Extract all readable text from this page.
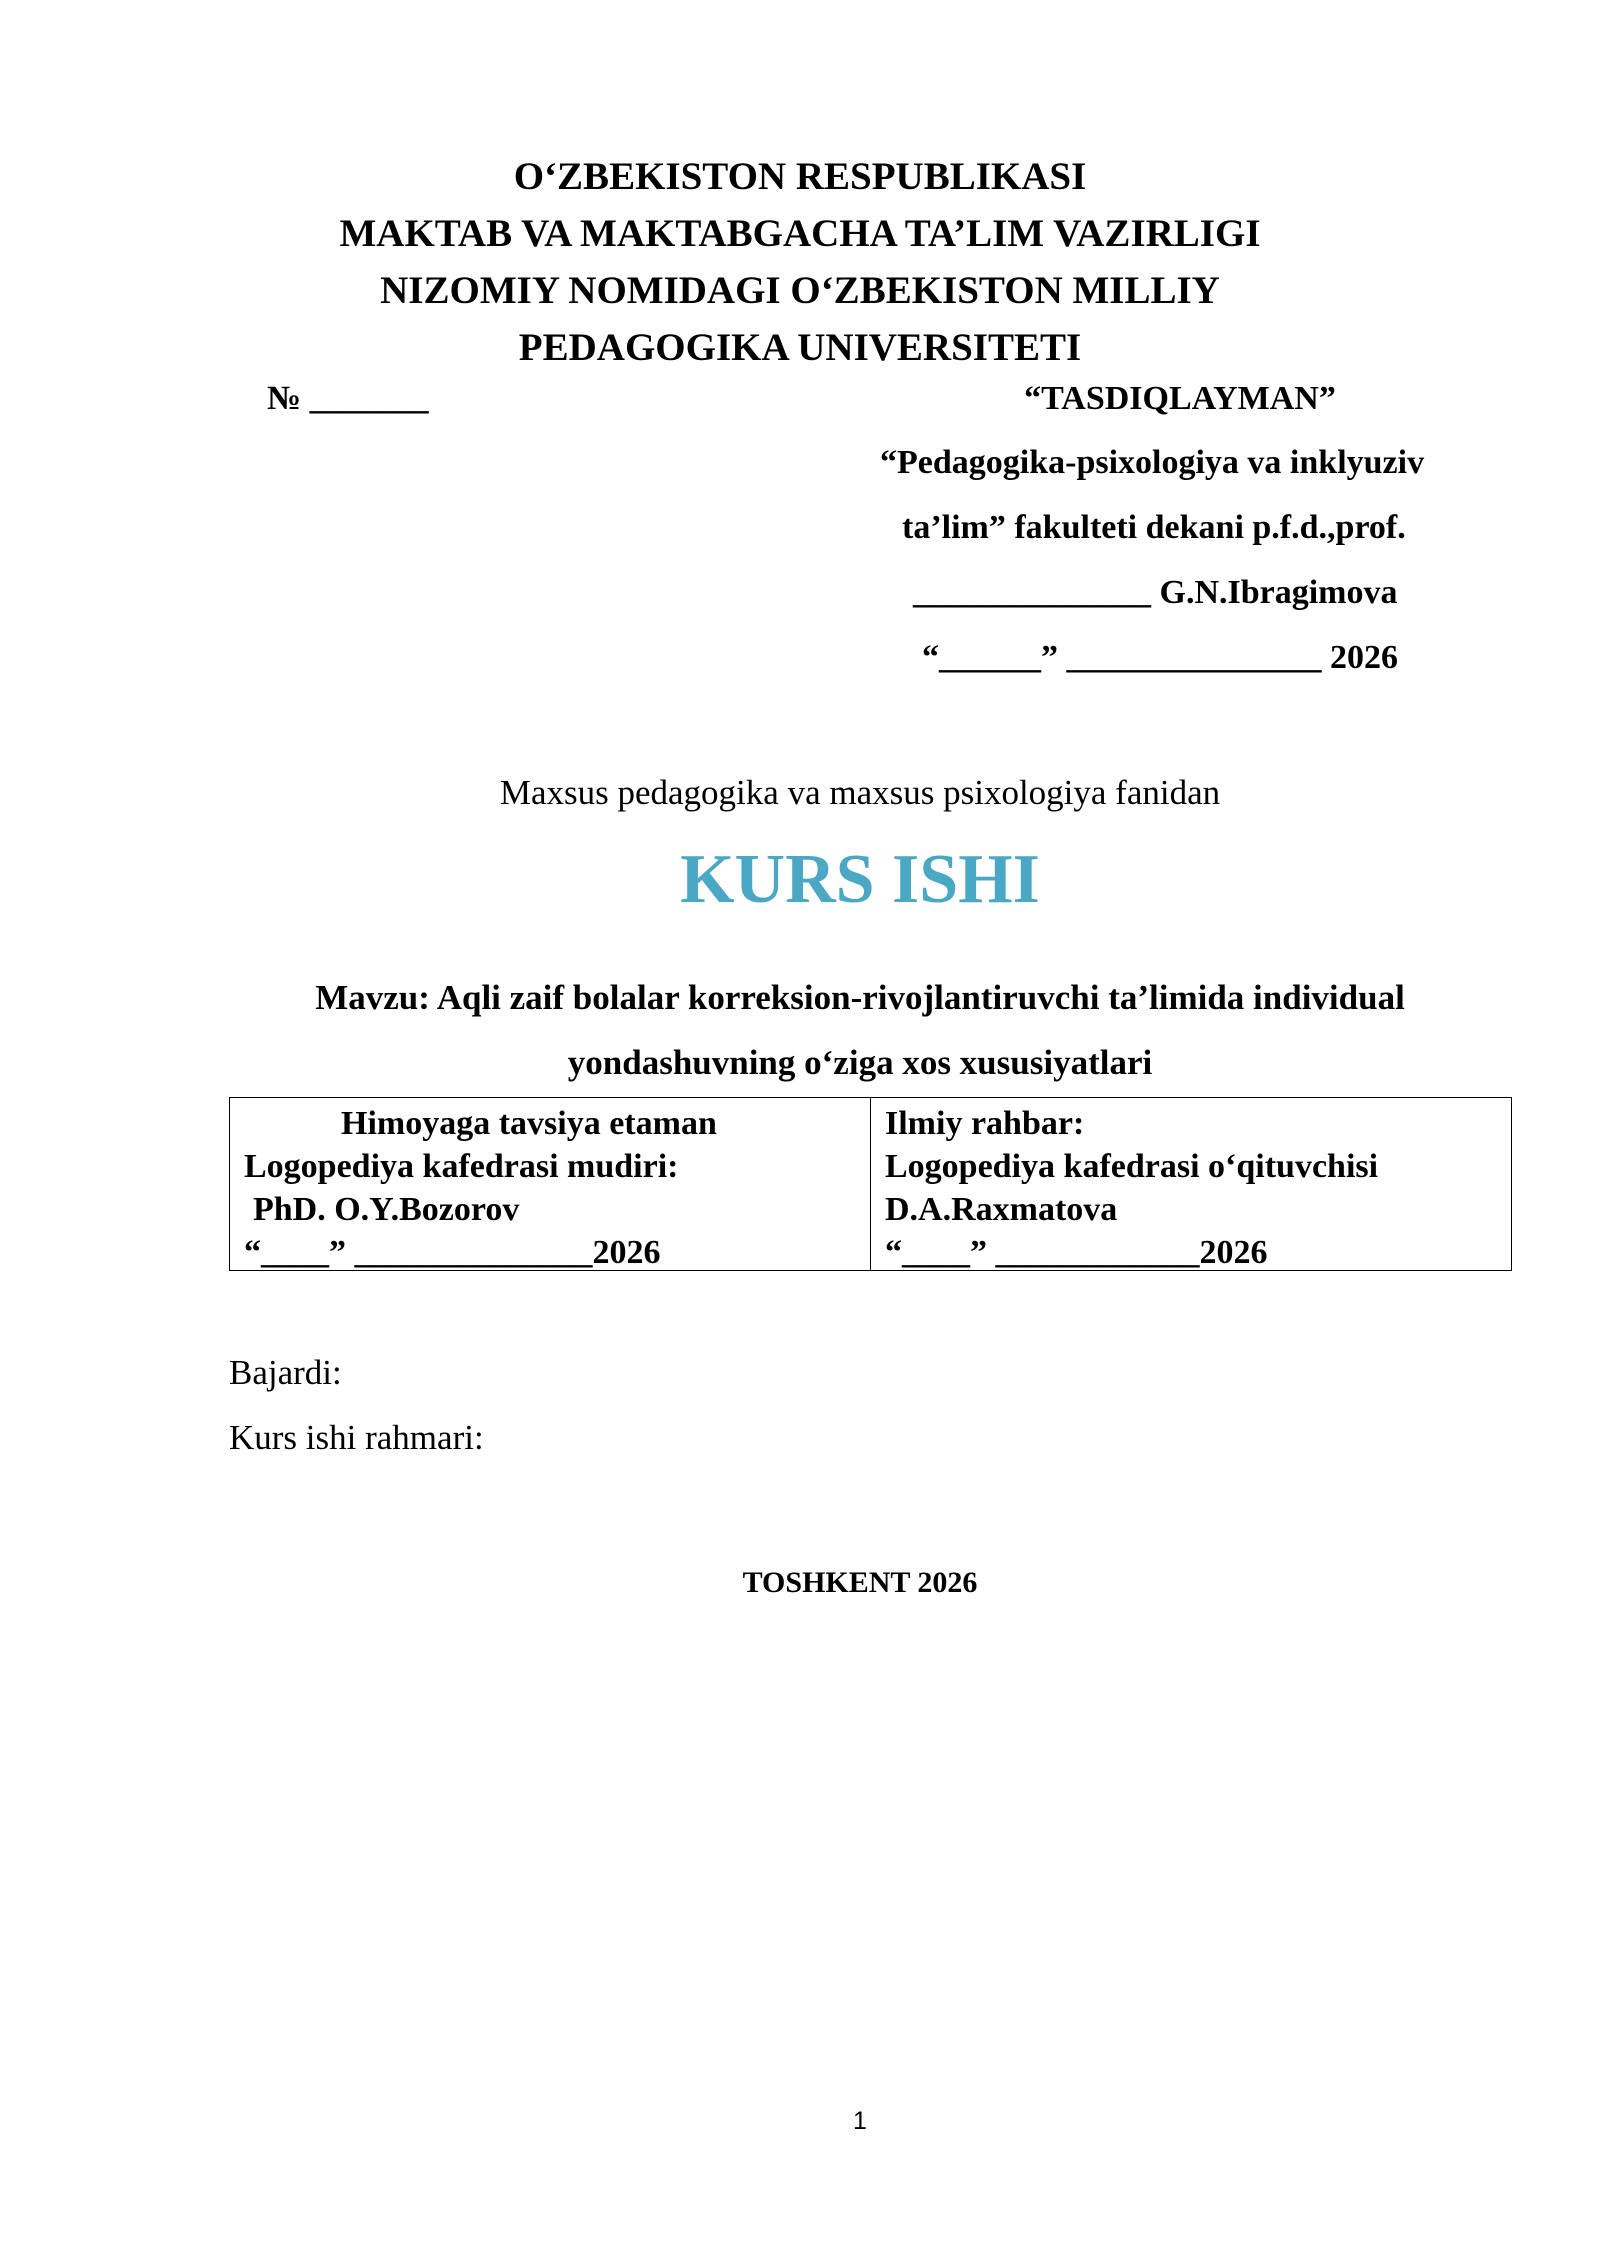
O‘ZBEKISTON RESPUBLIKASI
MAKTAB VA MAKTABGACHA TA’LIM VAZIRLIGI
NIZOMIY NOMIDAGI O‘ZBEKISTON MILLIY
PEDAGOGIKA UNIVERSITETI
№ _______	“TASDIQLAYMAN”
“Pedagogika-psixologiya va inklyuziv
ta’lim” fakulteti dekani p.f.d.,prof.
______________ G.N.Ibragimova
“______” _______________ 2026
Maxsus pedagogika va maxsus psixologiya fanidan
KURS ISHI
Mavzu: Aqli zaif bolalar korreksion-rivojlantiruvchi ta’limida individual
yondashuvning o‘ziga xos xususiyatlari
Himoyaga tavsiya etaman
Logopediya kafedrasi mudiri:
PhD. O.Y.Bozorov
“____” ______________2026
Ilmiy rahbar:
Logopediya kafedrasi o‘qituvchisi
D.A.Raxmatova
“____” ____________2026
Bajardi:
Kurs ishi rahmari:
TOSHKENT 2026
1
